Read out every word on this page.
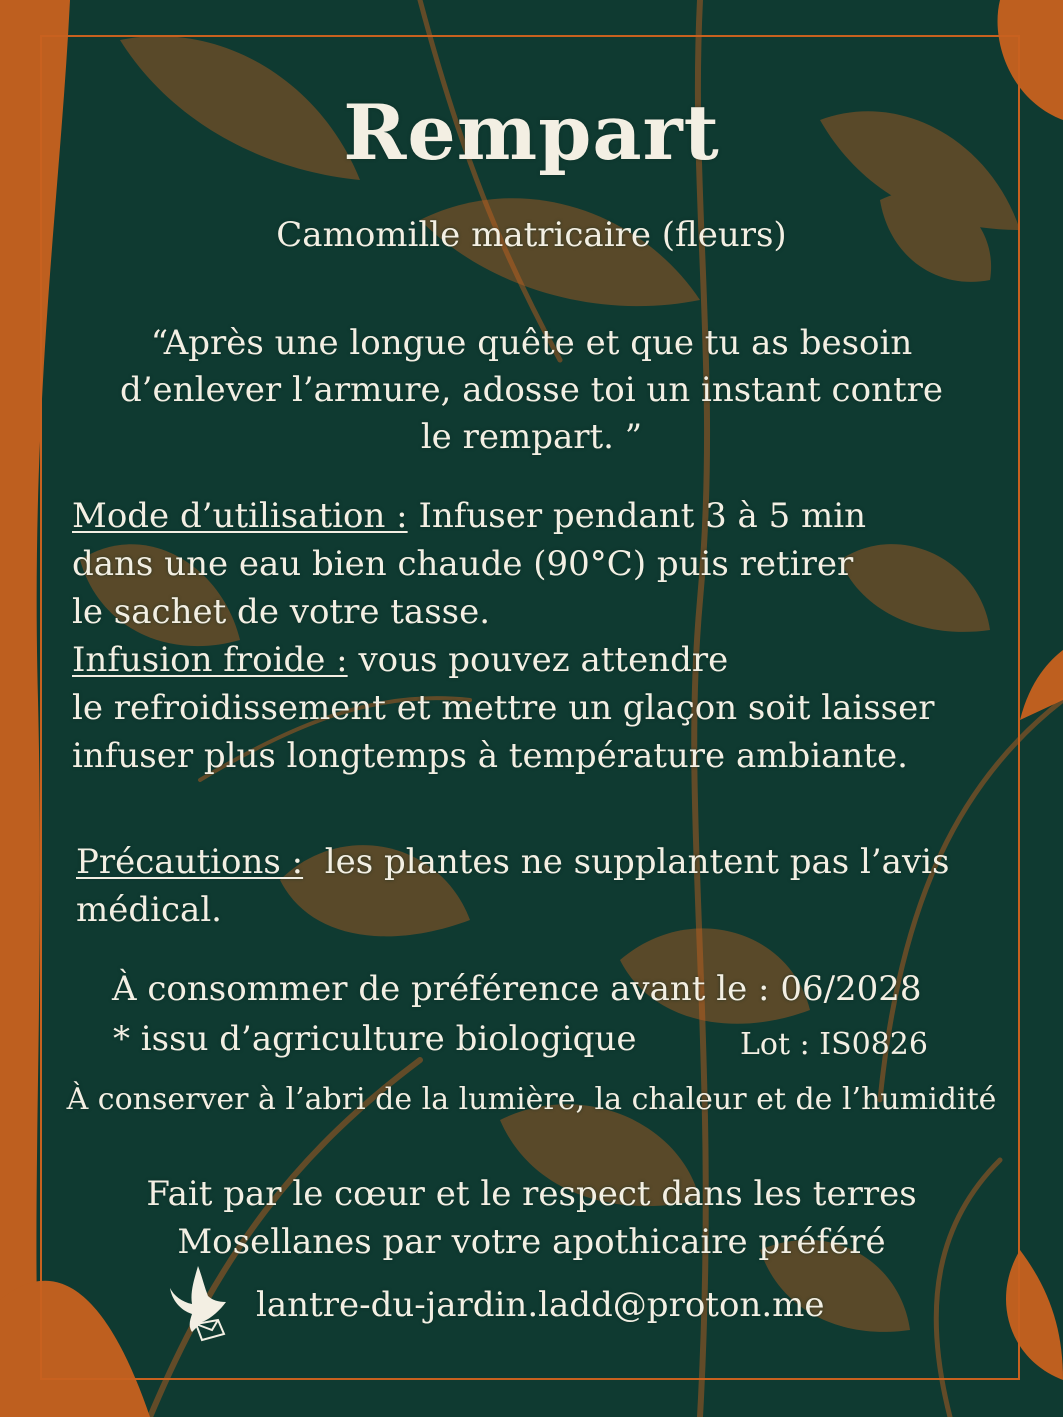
Rempart

Camomille matricaire (fleurs)

“Après une longue quête et que tu as besoin d’enlever l’armure, adosse toi un instant contre le rempart. ”

Mode d’utilisation : Infuser pendant 3 à 5 min
dans une eau bien chaude (90°C) puis retirer
le sachet de votre tasse.
Infusion froide : vous pouvez attendre
le refroidissement et mettre un glaçon soit laisser
infuser plus longtemps à température ambiante.
Précautions : les plantes ne supplantent pas l’avis
médical.

À consommer de préférence avant le : 06/2028

* issu d’agriculture biologique	Lot : IS0826

À conserver à l’abri de la lumière, la chaleur et de l’humidité

Fait par le cœur et le respect dans les terres Mosellanes par votre apothicaire préféré

lantre-du-jardin.ladd@proton.me
